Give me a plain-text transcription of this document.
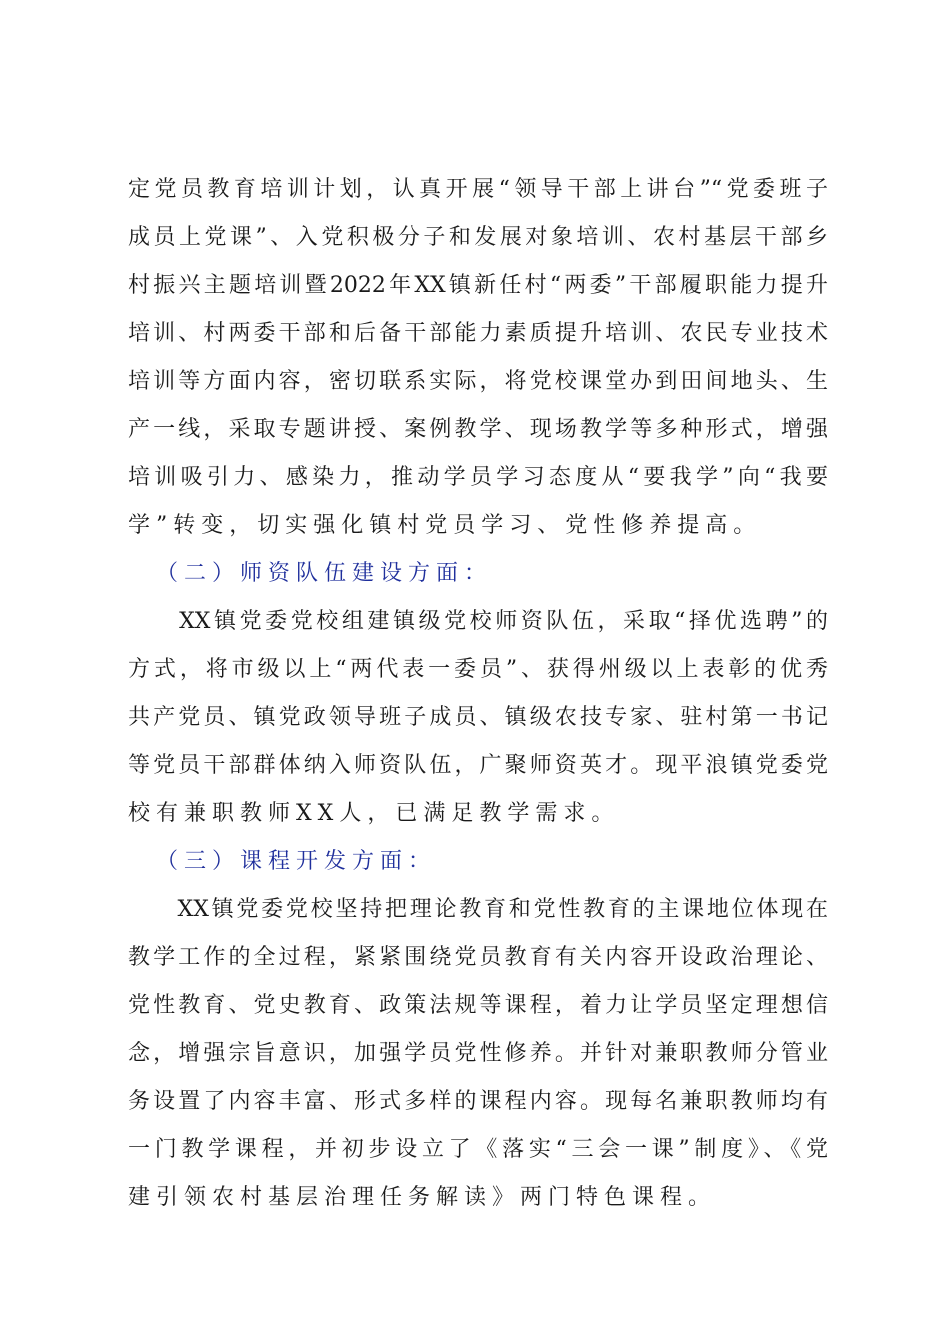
定党员教育培训计划，认真开展“领导干部上讲台”“党委班子
成员上党课”、入党积极分子和发展对象培训、农村基层干部乡
村振兴主题培训暨2022年XX镇新任村“两委”干部履职能力提升
培训、村两委干部和后备干部能力素质提升培训、农民专业技术
培训等方面内容，密切联系实际，将党校课堂办到田间地头、生
产一线，采取专题讲授、案例教学、现场教学等多种形式，增强
培训吸引力、感染力，推动学员学习态度从“要我学”向“我要
学”转变，切实强化镇村党员学习、党性修养提高。
（二）师资队伍建设方面：
　　XX镇党委党校组建镇级党校师资队伍，采取“择优选聘”的
方式，将市级以上“两代表一委员”、获得州级以上表彰的优秀
共产党员、镇党政领导班子成员、镇级农技专家、驻村第一书记
等党员干部群体纳入师资队伍，广聚师资英才。现平浪镇党委党
校有兼职教师XX人，已满足教学需求。
（三）课程开发方面：
　　XX镇党委党校坚持把理论教育和党性教育的主课地位体现在
教学工作的全过程，紧紧围绕党员教育有关内容开设政治理论、
党性教育、党史教育、政策法规等课程，着力让学员坚定理想信
念，增强宗旨意识，加强学员党性修养。并针对兼职教师分管业
务设置了内容丰富、形式多样的课程内容。现每名兼职教师均有
一门教学课程，并初步设立了《落实“三会一课”制度》、《党
建引领农村基层治理任务解读》两门特色课程。
